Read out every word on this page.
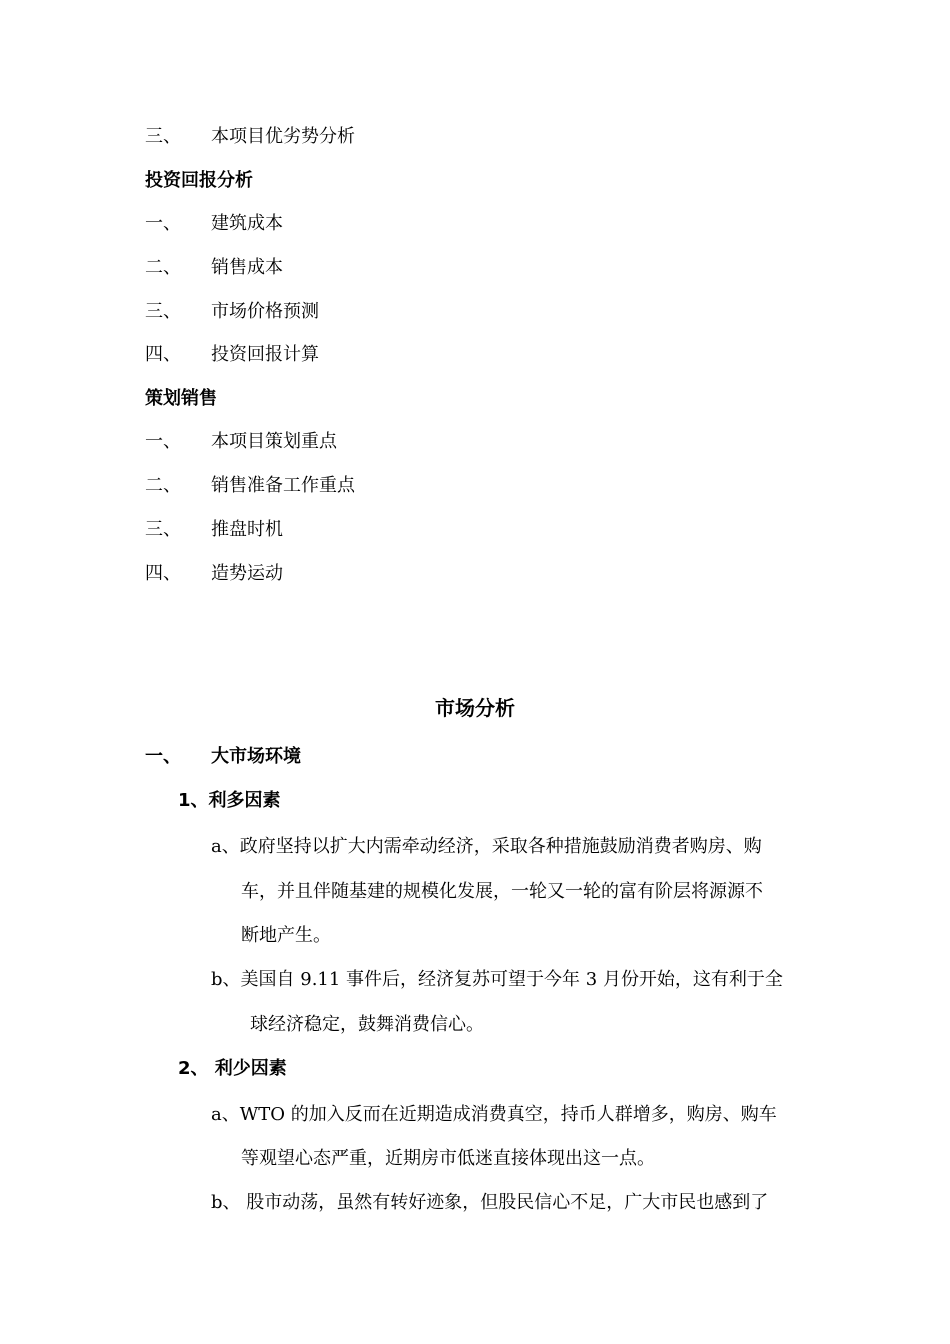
三、 本项目优劣势分析
投资回报分析
一、 建筑成本
二、 销售成本
三、 市场价格预测
四、 投资回报计算
策划销售
一、 本项目策划重点
二、 销售准备工作重点
三、 推盘时机
四、 造势运动
市场分析
一、 大市场环境
1、利多因素
a、政府坚持以扩大内需牵动经济，采取各种措施鼓励消费者购房、购
车，并且伴随基建的规模化发展，一轮又一轮的富有阶层将源源不
断地产生。
b、美国自 9.11 事件后，经济复苏可望于今年 3 月份开始，这有利于全
球经济稳定，鼓舞消费信心。
2、 利少因素
a、WTO 的加入反而在近期造成消费真空，持币人群增多，购房、购车
等观望心态严重，近期房市低迷直接体现出这一点。
b、 股市动荡，虽然有转好迹象，但股民信心不足，广大市民也感到了
